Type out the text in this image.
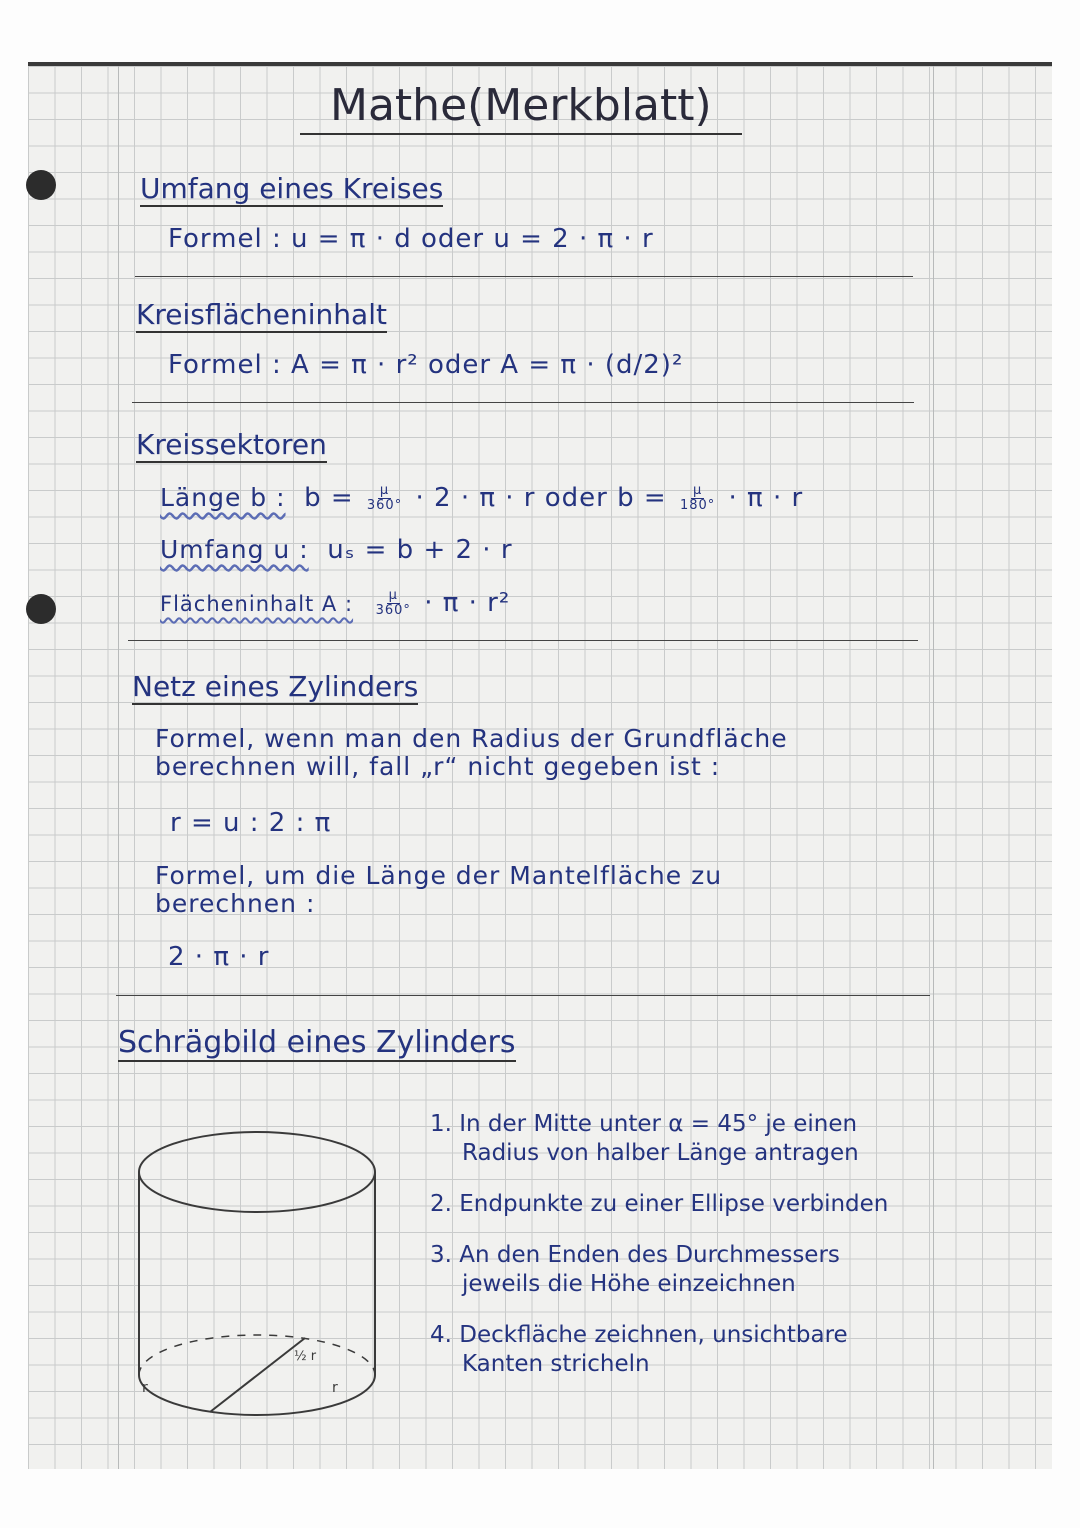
Mathe(Merkblatt)
Umfang eines Kreises
Formel : u = π · d oder u = 2 · π · r
Kreisflächeninhalt
Formel : A = π · r² oder A = π · (d/2)²
Kreissektoren
Länge b : $b = \frac{\mu}{360^\circ} \cdot 2 \cdot \pi \cdot r$ oder $b = \frac{\mu}{180^\circ} \cdot \pi \cdot r$
Umfang u : uₛ = b + 2 · r
Flächeninhalt A : $\frac{\mu}{360^\circ} \cdot \pi \cdot r^2$
Netz eines Zylinders
Formel, wenn man den Radius der Grundfläche
berechnen will, fall „r“ nicht gegeben ist :
r = u : 2 : π
Formel, um die Länge der Mantelfläche zu
berechnen :
2 · π · r
Schrägbild eines Zylinders
½ r
r	r
1. In der Mitte unter α = 45° je einen
Radius von halber Länge antragen
2. Endpunkte zu einer Ellipse verbinden
3. An den Enden des Durchmessers
jeweils die Höhe einzeichnen
4. Deckfläche zeichnen, unsichtbare
Kanten stricheln
